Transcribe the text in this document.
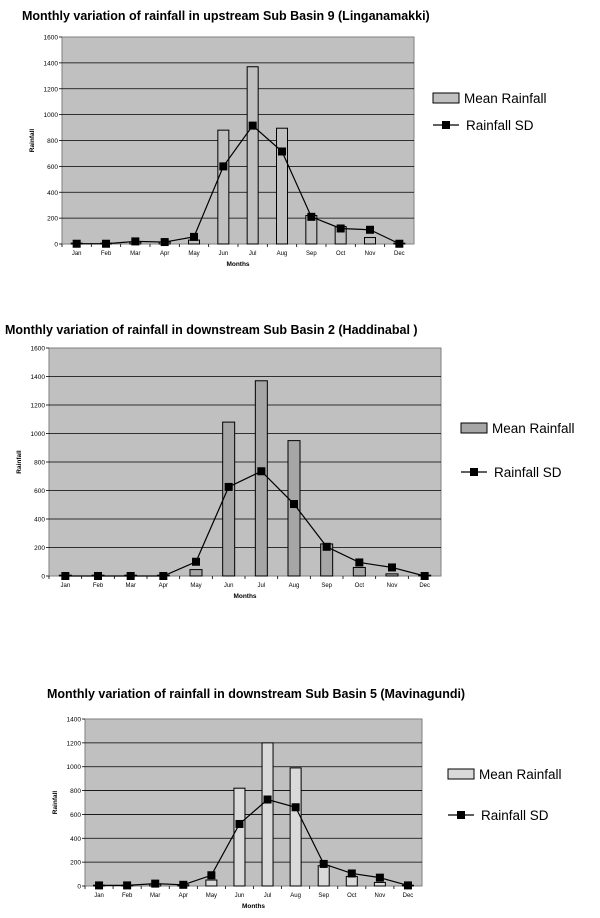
Monthly variation of rainfall in upstream Sub Basin 9 (Linganamakki)
0
200
400
600
800
1000
1200
1400
1600
Jan	Feb	Mar	Apr	May	Jun	Jul	Aug	Sep	Oct	Nov	Dec
Months
Rainfall
Mean Rainfall
Rainfall SD
Monthly variation of rainfall in downstream Sub Basin 2 (Haddinabal )
0
200
400
600
800
1000
1200
1400
1600
Jan	Feb	Mar	Apr	May	Jun	Jul	Aug	Sep	Oct	Nov	Dec
Months
Rainfall
Mean Rainfall
Rainfall SD
Monthly variation of rainfall in downstream Sub Basin 5 (Mavinagundi)
0
200
400
600
800
1000
1200
1400
Jan	Feb	Mar	Apr	May	Jun	Jul	Aug	Sep	Oct	Nov	Dec
Months
Rainfall
Mean Rainfall
Rainfall SD
